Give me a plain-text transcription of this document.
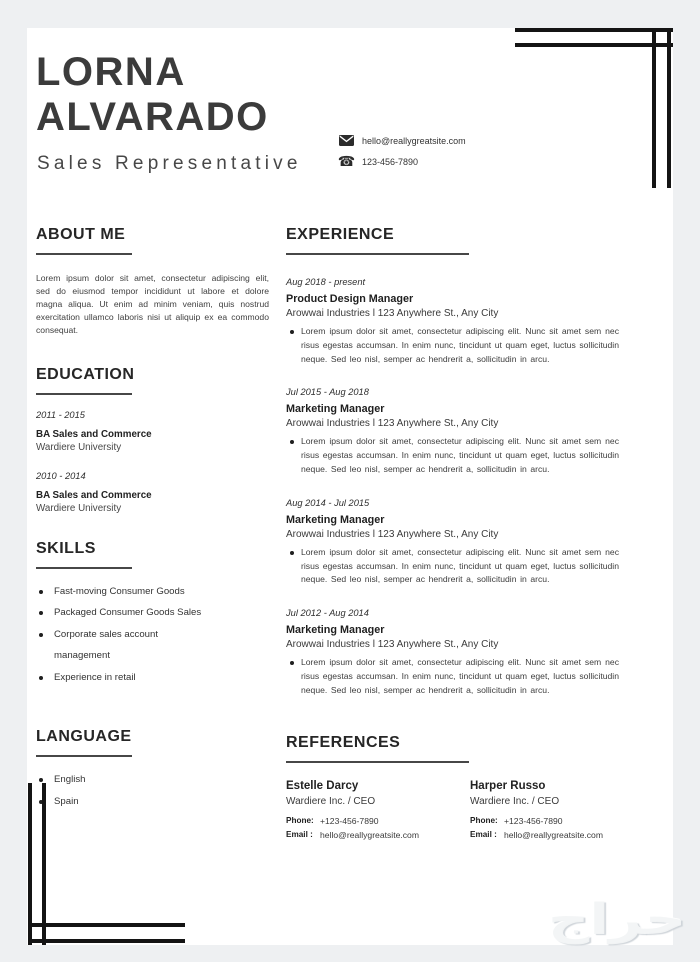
LORNA
ALVARADO
Sales Representative
hello@reallygreatsite.com
☎
123-456-7890
ABOUT ME

Lorem ipsum dolor sit amet, consectetur adipiscing elit, sed do eiusmod tempor incididunt ut labore et dolore magna aliqua. Ut enim ad minim veniam, quis nostrud exercitation ullamco laboris nisi ut aliquip ex ea commodo consequat.

EDUCATION
2011 - 2015
BA Sales and Commerce
Wardiere University
2010 - 2014
BA Sales and Commerce
Wardiere University
SKILLS
Fast-moving Consumer Goods
Packaged Consumer Goods Sales
Corporate sales account management
Experience in retail
LANGUAGE
English
Spain
EXPERIENCE
Aug 2018 - present
Product Design Manager
Arowwai Industries l 123 Anywhere St., Any City

Lorem ipsum dolor sit amet, consectetur adipiscing elit. Nunc sit amet sem nec risus egestas accumsan. In enim nunc, tincidunt ut quam eget, luctus sollicitudin neque. Sed leo nisl, semper ac hendrerit a, sollicitudin in arcu.

Jul 2015 - Aug 2018
Marketing Manager
Arowwai Industries l 123 Anywhere St., Any City

Lorem ipsum dolor sit amet, consectetur adipiscing elit. Nunc sit amet sem nec risus egestas accumsan. In enim nunc, tincidunt ut quam eget, luctus sollicitudin neque. Sed leo nisl, semper ac hendrerit a, sollicitudin in arcu.

Aug 2014 - Jul 2015
Marketing Manager
Arowwai Industries l 123 Anywhere St., Any City

Lorem ipsum dolor sit amet, consectetur adipiscing elit. Nunc sit amet sem nec risus egestas accumsan. In enim nunc, tincidunt ut quam eget, luctus sollicitudin neque. Sed leo nisl, semper ac hendrerit a, sollicitudin in arcu.

Jul 2012 - Aug 2014
Marketing Manager
Arowwai Industries l 123 Anywhere St., Any City

Lorem ipsum dolor sit amet, consectetur adipiscing elit. Nunc sit amet sem nec risus egestas accumsan. In enim nunc, tincidunt ut quam eget, luctus sollicitudin neque. Sed leo nisl, semper ac hendrerit a, sollicitudin in arcu.

REFERENCES
Estelle Darcy
Wardiere Inc. / CEO
Phone: +123-456-7890
Email : hello@reallygreatsite.com
Harper Russo
Wardiere Inc. / CEO
Phone: +123-456-7890
Email : hello@reallygreatsite.com
حراج
